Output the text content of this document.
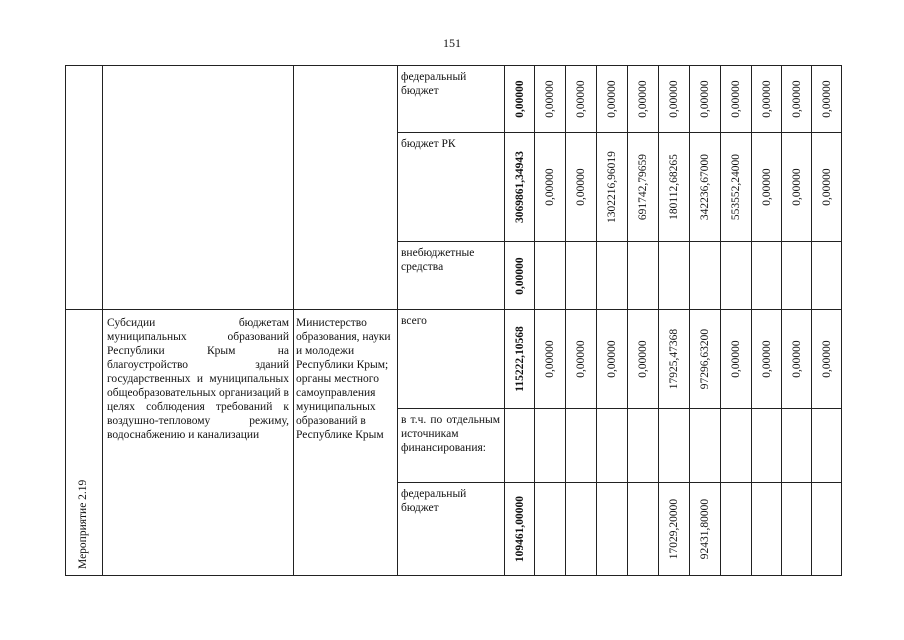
151
			федеральный бюджет	0,00000	0,00000	0,00000	0,00000	0,00000	0,00000	0,00000	0,00000	0,00000	0,00000	0,00000

			бюджет РК	3069861,34943	0,00000	0,00000	1302216,96019	691742,79659	180112,68265	342236,67000	553552,24000	0,00000	0,00000	0,00000

			внебюджетные средства	0,00000										

Мероприятие 2.19	Субсидии бюджетам муниципальных образований Республики Крым на благоустройство зданий государственных и муниципальных общеобразовательных организаций в целях соблюдения требований к воздушно-тепловому режиму, водоснабжению и канализации	Министерство образования, науки и молодежи Республики Крым; органы местного самоуправления муниципальных образований в Республике Крым	всего	115222,10568	0,00000	0,00000	0,00000	0,00000	17925,47368	97296,63200	0,00000	0,00000	0,00000	0,00000

			в т.ч. по отдельным источникам финансирования:											
			федеральный бюджет	109461,00000					17029,20000	92431,80000				
